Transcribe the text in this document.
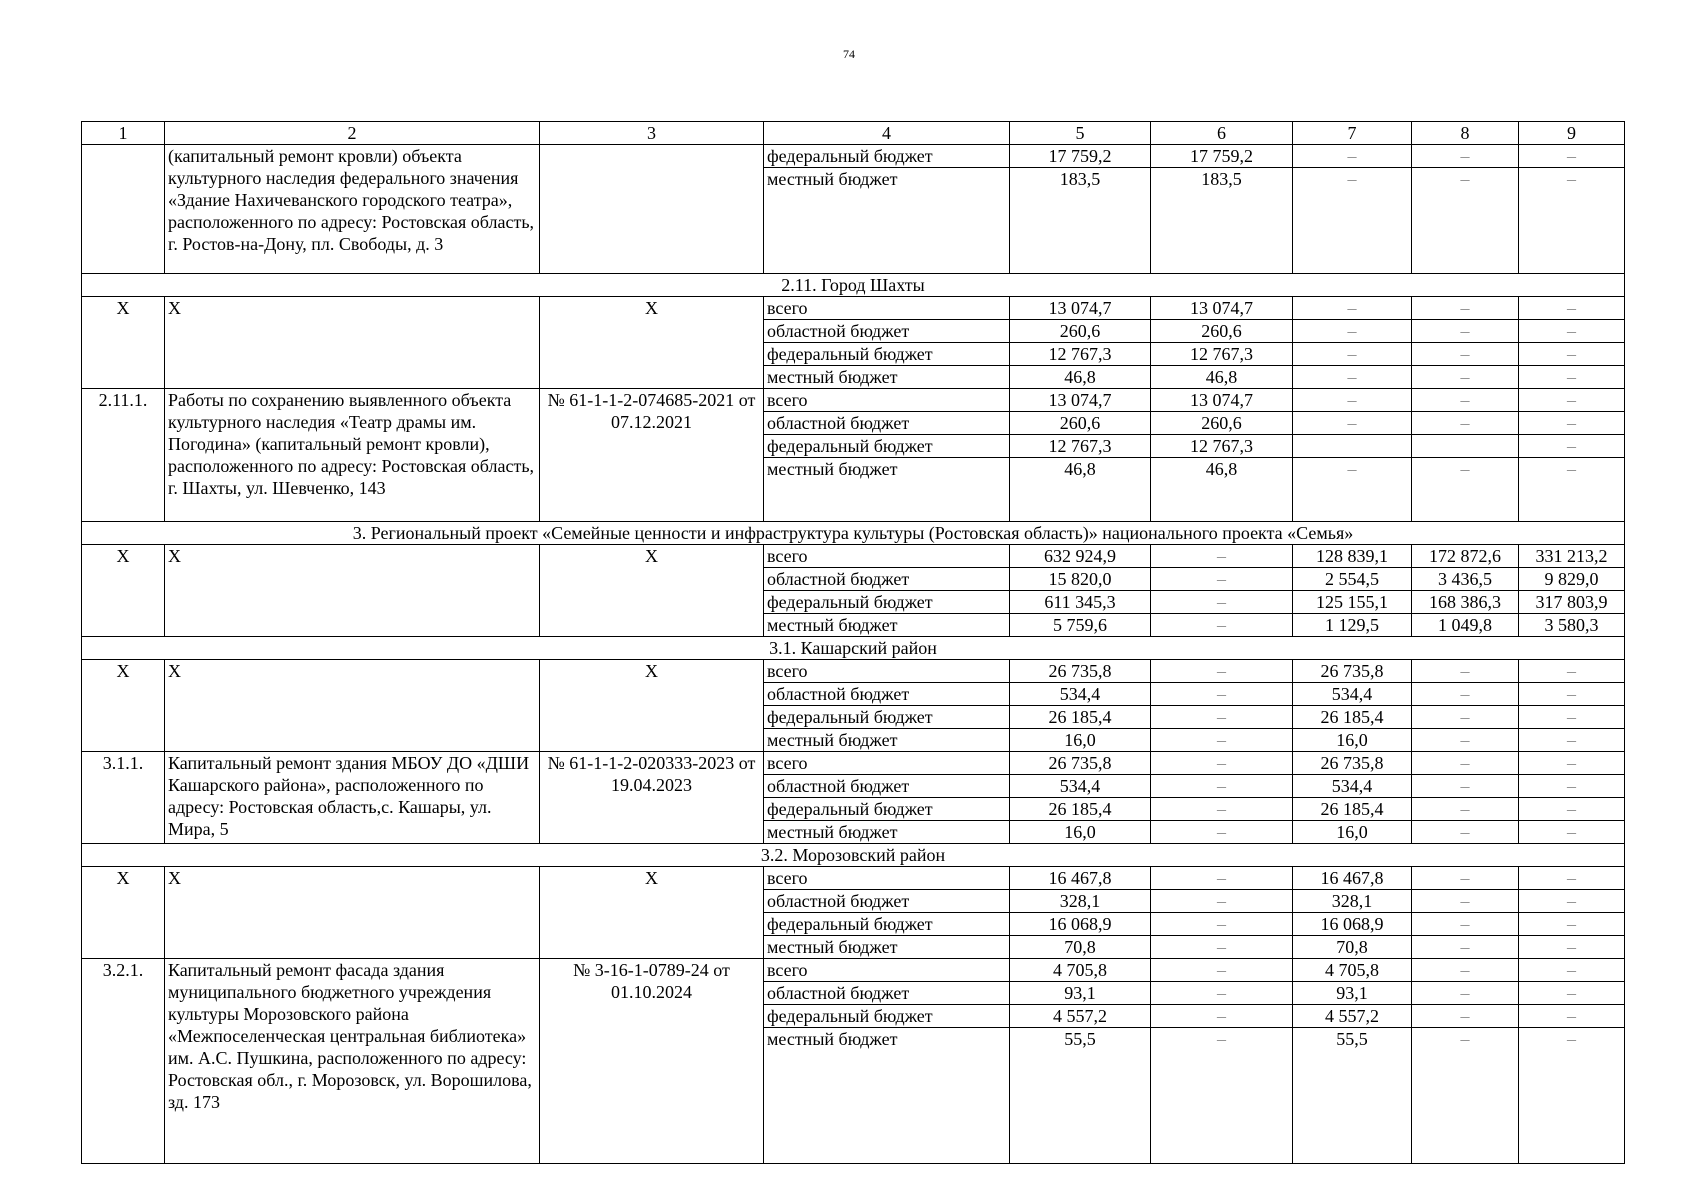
74
1	2	3	4	5	6	7	8	9
	(капитальный ремонт кровли) объекта культурного наследия федерального значения «Здание Нахичеванского городского театра», расположенного по адресу: Ростовская область, г. Ростов-на-Дону, пл. Свободы, д. 3		федеральный бюджет	17 759,2	17 759,2	–	–	–
			местный бюджет	183,5	183,5	–	–	–
2.11. Город Шахты								
X	X	X	всего	13 074,7	13 074,7	–	–	–
			областной бюджет	260,6	260,6	–	–	–
			федеральный бюджет	12 767,3	12 767,3	–	–	–
			местный бюджет	46,8	46,8	–	–	–
2.11.1.	Работы по сохранению выявленного объекта культурного наследия «Театр драмы им. Погодина» (капитальный ремонт кровли), расположенного по адресу: Ростовская область, г. Шахты, ул. Шевченко, 143	№ 61-1-1-2-074685-2021 от 07.12.2021	всего	13 074,7	13 074,7	–	–	–
			областной бюджет	260,6	260,6	–	–	–
			федеральный бюджет	12 767,3	12 767,3			–
			местный бюджет	46,8	46,8	–	–	–
3. Региональный проект «Семейные ценности и инфраструктура культуры (Ростовская область)» национального проекта «Семья»								
X	X	X	всего	632 924,9	–	128 839,1	172 872,6	331 213,2
			областной бюджет	15 820,0	–	2 554,5	3 436,5	9 829,0
			федеральный бюджет	611 345,3	–	125 155,1	168 386,3	317 803,9
			местный бюджет	5 759,6	–	1 129,5	1 049,8	3 580,3
3.1. Кашарский район								
X	X	X	всего	26 735,8	–	26 735,8	–	–
			областной бюджет	534,4	–	534,4	–	–
			федеральный бюджет	26 185,4	–	26 185,4	–	–
			местный бюджет	16,0	–	16,0	–	–
3.1.1.	Капитальный ремонт здания МБОУ ДО «ДШИ Кашарского района», расположенного по адресу: Ростовская область,с. Кашары, ул. Мира, 5	№ 61-1-1-2-020333-2023 от 19.04.2023	всего	26 735,8	–	26 735,8	–	–
			областной бюджет	534,4	–	534,4	–	–
			федеральный бюджет	26 185,4	–	26 185,4	–	–
			местный бюджет	16,0	–	16,0	–	–
3.2. Морозовский район								
X	X	X	всего	16 467,8	–	16 467,8	–	–
			областной бюджет	328,1	–	328,1	–	–
			федеральный бюджет	16 068,9	–	16 068,9	–	–
			местный бюджет	70,8	–	70,8	–	–
3.2.1.	Капитальный ремонт фасада здания муниципального бюджетного учреждения культуры Морозовского района «Межпоселенческая центральная библиотека» им. А.С. Пушкина, расположенного по адресу: Ростовская обл., г. Морозовск, ул. Ворошилова, зд. 173	№ 3-16-1-0789-24 от 01.10.2024	всего	4 705,8	–	4 705,8	–	–
			областной бюджет	93,1	–	93,1	–	–
			федеральный бюджет	4 557,2	–	4 557,2	–	–
			местный бюджет	55,5	–	55,5	–	–
